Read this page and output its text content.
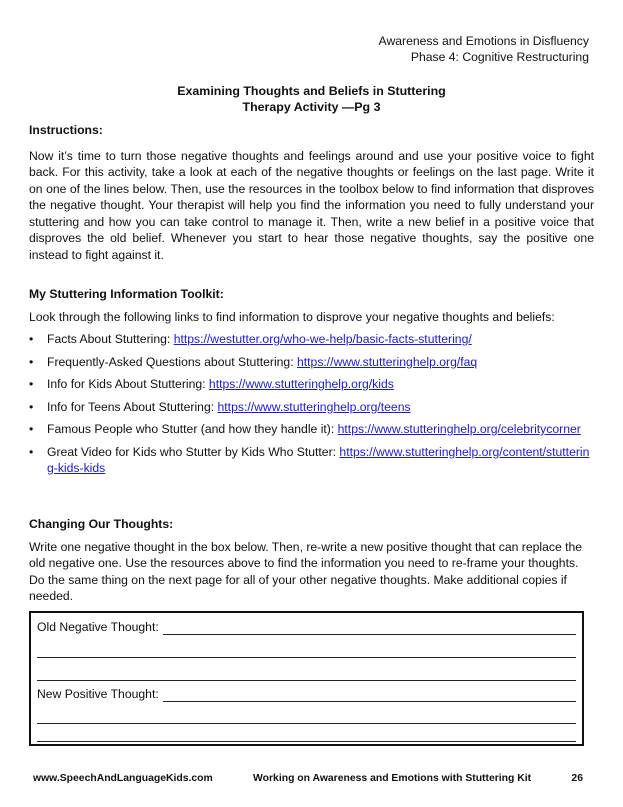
Awareness and Emotions in Disfluency
Phase 4: Cognitive Restructuring
Examining Thoughts and Beliefs in Stuttering
Therapy Activity —Pg 3

Instructions:

Now it’s time to turn those negative thoughts and feelings around and use your positive voice to fight back. For this activity, take a look at each of the negative thoughts or feelings on the last page. Write it on one of the lines below. Then, use the resources in the toolbox below to find information that disproves the negative thought. Your therapist will help you find the information you need to fully understand your stuttering and how you can take control to manage it. Then, write a new belief in a positive voice that disproves the old belief. Whenever you start to hear those negative thoughts, say the positive one instead to fight against it.

My Stuttering Information Toolkit:

Look through the following links to find information to disprove your negative thoughts and beliefs:

• Facts About Stuttering: https://westutter.org/who-we-help/basic-facts-stuttering/
• Frequently-Asked Questions about Stuttering: https://www.stutteringhelp.org/faq
• Info for Kids About Stuttering: https://www.stutteringhelp.org/kids
• Info for Teens About Stuttering: https://www.stutteringhelp.org/teens
• Famous People who Stutter (and how they handle it): https://www.stutteringhelp.org/celebritycorner
• Great Video for Kids who Stutter by Kids Who Stutter: https://www.stutteringhelp.org/content/stuttering-kids-kids

Changing Our Thoughts:

Write one negative thought in the box below. Then, re-write a new positive thought that can replace the old negative one. Use the resources above to find the information you need to re-frame your thoughts. Do the same thing on the next page for all of your other negative thoughts. Make additional copies if needed.

Old Negative Thought:
New Positive Thought:
www.SpeechAndLanguageKids.com	Working on Awareness and Emotions with Stuttering Kit	26
